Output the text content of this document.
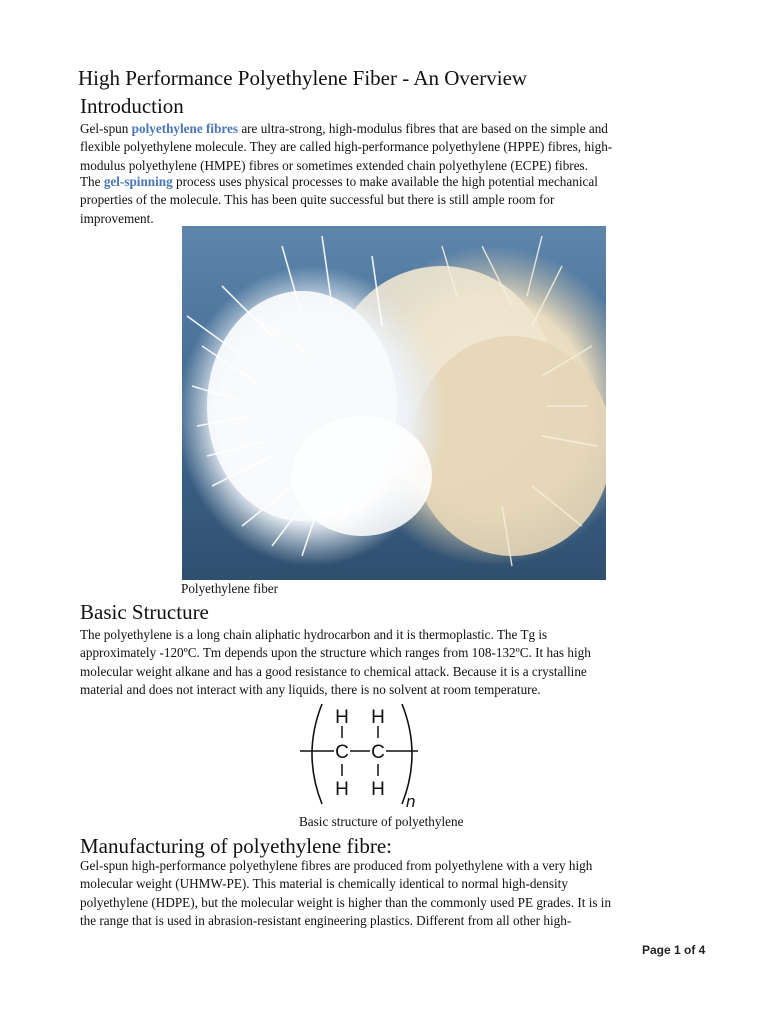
High Performance Polyethylene Fiber - An Overview
Introduction

Gel-spun polyethylene fibres are ultra-strong, high-modulus fibres that are based on the simple and
flexible polyethylene molecule. They are called high-performance polyethylene (HPPE) fibres, high-
modulus polyethylene (HMPE) fibres or sometimes extended chain polyethylene (ECPE) fibres.

The gel-spinning process uses physical processes to make available the high potential mechanical
properties of the molecule. This has been quite successful but there is still ample room for
improvement.

Polyethylene fiber

Basic Structure

The polyethylene is a long chain aliphatic hydrocarbon and it is thermoplastic. The Tg is
approximately -120ºC. Tm depends upon the structure which ranges from 108-132ºC. It has high
molecular weight alkane and has a good resistance to chemical attack. Because it is a crystalline
material and does not interact with any liquids, there is no solvent at room temperature.

H H
C C
H H
n

Basic structure of polyethylene

Manufacturing of polyethylene fibre:

Gel-spun high-performance polyethylene fibres are produced from polyethylene with a very high
molecular weight (UHMW-PE). This material is chemically identical to normal high-density
polyethylene (HDPE), but the molecular weight is higher than the commonly used PE grades. It is in
the range that is used in abrasion-resistant engineering plastics. Different from all other high-

Page 1 of 4
